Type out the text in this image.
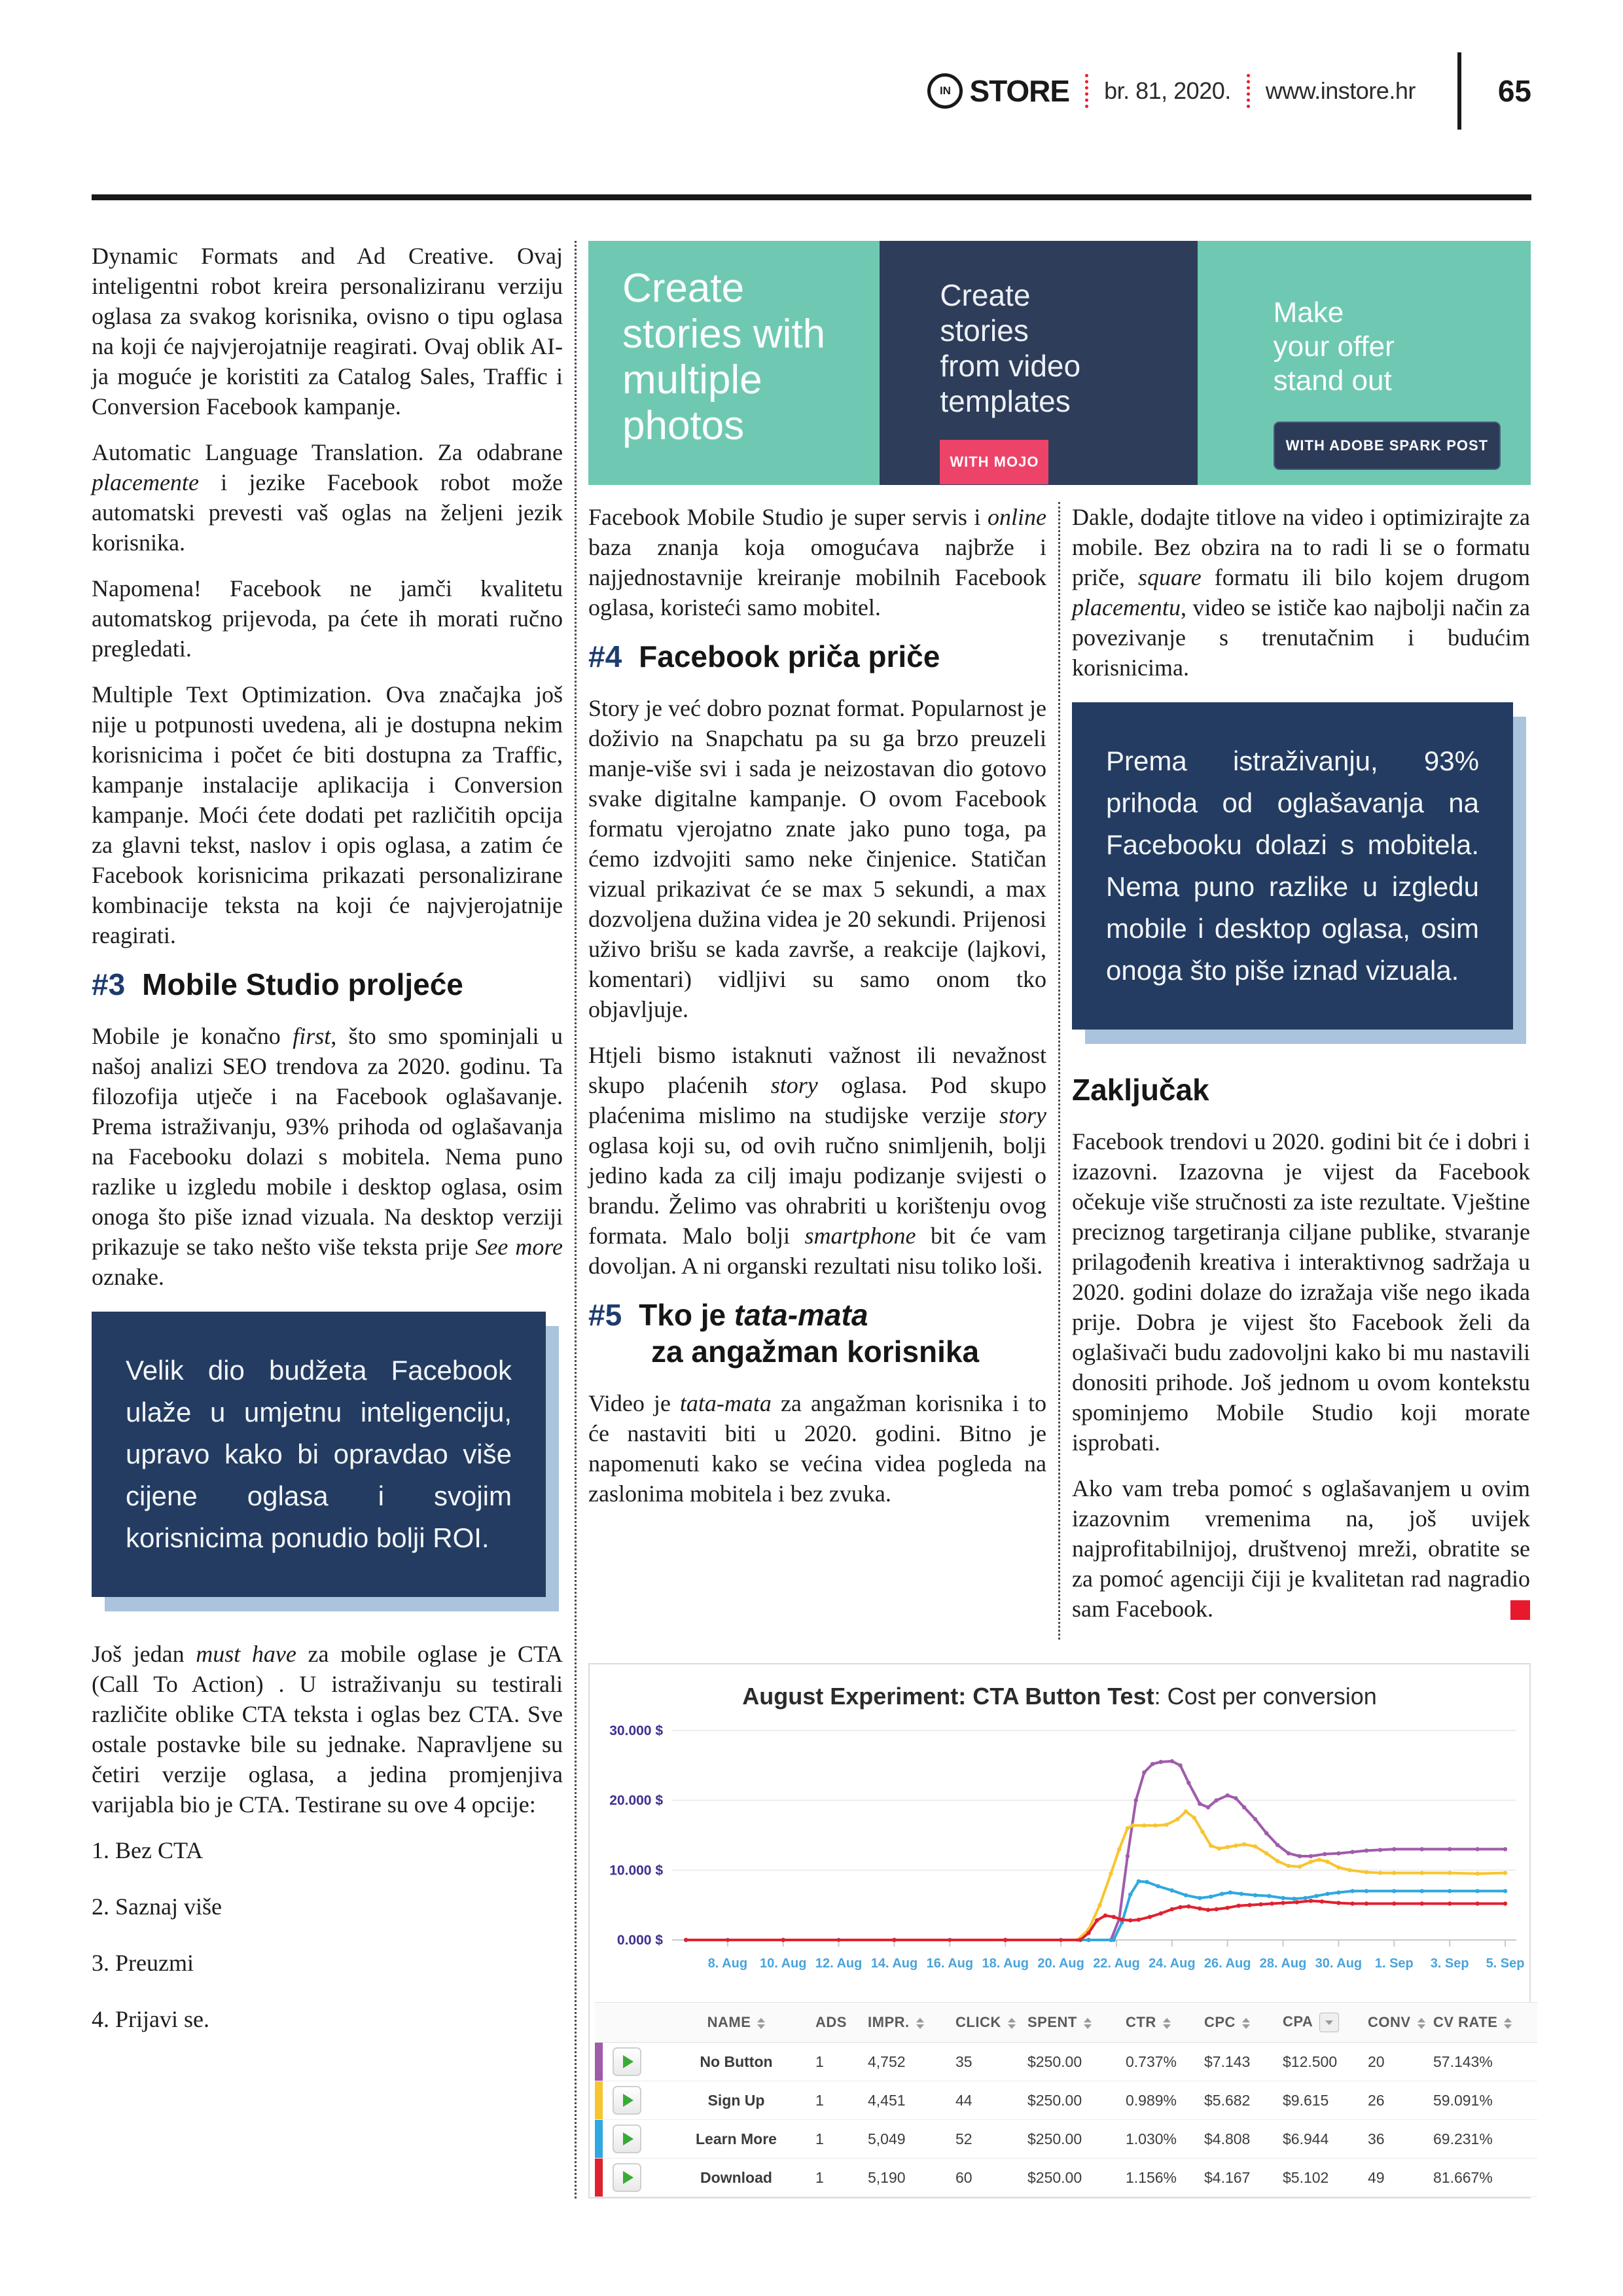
IN STORE br. 81, 2020. www.instore.hr	65

Dynamic Formats and Ad Creative. Ovaj inteligentni robot kreira personaliziranu verziju oglasa za svakog korisnika, ovisno o tipu oglasa na koji će najvjerojatnije reagirati. Ovaj oblik AI-ja moguće je koristiti za Catalog Sales, Traffic i Conversion Facebook kampanje.

Automatic Language Translation. Za odabrane placemente i jezike Facebook robot može automatski prevesti vaš oglas na željeni jezik korisnika.

Napomena! Facebook ne jamči kvalitetu automatskog prijevoda, pa ćete ih morati ručno pregledati.

Multiple Text Optimization. Ova značajka još nije u potpunosti uvedena, ali je dostupna nekim korisnicima i počet će biti dostupna za Traffic, kampanje instalacije aplikacija i Conversion kampanje. Moći ćete dodati pet različitih opcija za glavni tekst, naslov i opis oglasa, a zatim će Facebook korisnicima prikazati personalizirane kombinacije teksta na koji će najvjerojatnije reagirati.

#3 Mobile Studio proljeće

Mobile je konačno first, što smo spominjali u našoj analizi SEO trendova za 2020. godinu. Ta filozofija utječe i na Facebook oglašavanje. Prema istraživanju, 93% prihoda od oglašavanja na Facebooku dolazi s mobitela. Nema puno razlike u izgledu mobile i desktop oglasa, osim onoga što piše iznad vizuala. Na desktop verziji prikazuje se tako nešto više teksta prije See more oznake.

Velik dio budžeta Facebook ulaže u umjetnu inteligenciju, upravo kako bi opravdao više cijene oglasa i svojim korisnicima ponudio bolji ROI.

Još jedan must have za mobile oglase je CTA (Call To Action) . U istraživanju su testirali različite oblike CTA teksta i oglas bez CTA. Sve ostale postavke bile su jednake. Napravljene su četiri verzije oglasa, a jedina promjenjiva varijabla bio je CTA. Testirane su ove 4 opcije:

1. Bez CTA
2. Saznaj više
3. Preuzmi
4. Prijavi se.
Create
stories with
multiple
photos
Create
stories
from video
templates
WITH MOJO
Make
your offer
stand out
WITH ADOBE SPARK POST

Facebook Mobile Studio je super servis i online baza znanja koja omogućava najbrže i najjednostavnije kreiranje mobilnih Facebook oglasa, koristeći samo mobitel.

#4 Facebook priča priče

Story je već dobro poznat format. Popularnost je doživio na Snapchatu pa su ga brzo preuzeli manje-više svi i sada je neizostavan dio gotovo svake digitalne kampanje. O ovom Facebook formatu vjerojatno znate jako puno toga, pa ćemo izdvojiti samo neke činjenice. Statičan vizual prikazivat će se max 5 sekundi, a max dozvoljena dužina videa je 20 sekundi. Prijenosi uživo brišu se kada završe, a reakcije (lajkovi, komentari) vidljivi su samo onom tko objavljuje.

Htjeli bismo istaknuti važnost ili nevažnost skupo plaćenih story oglasa. Pod skupo plaćenima mislimo na studijske verzije story oglasa koji su, od ovih ručno snimljenih, bolji jedino kada za cilj imaju podizanje svijesti o brandu. Želimo vas ohrabriti u korištenju ovog formata. Malo bolji smartphone bit će vam dovoljan. A ni organski rezultati nisu toliko loši.

#5 Tko je tata-mata
za angažman korisnika

Video je tata-mata za angažman korisnika i to će nastaviti biti u 2020. godini. Bitno je napomenuti kako se većina videa pogleda na zaslonima mobitela i bez zvuka.

Dakle, dodajte titlove na video i optimizirajte za mobile. Bez obzira na to radi li se o formatu priče, square formatu ili bilo kojem drugom placementu, video se ističe kao najbolji način za povezivanje s trenutačnim i budućim korisnicima.

Prema istraživanju, 93% prihoda od oglašavanja na Facebooku dolazi s mobitela. Nema puno razlike u izgledu mobile i desktop oglasa, osim onoga što piše iznad vizuala.
Zaključak

Facebook trendovi u 2020. godini bit će i dobri i izazovni. Izazovna je vijest da Facebook očekuje više stručnosti za iste rezultate. Vještine preciznog targetiranja ciljane publike, stvaranje prilagođenih kreativa i interaktivnog sadržaja u 2020. godini dolaze do izražaja više nego ikada prije. Dobra je vijest što Facebook želi da oglašivači budu zadovoljni kako bi mu nastavili donositi prihode. Još jednom u ovom kontekstu spominjemo Mobile Studio koji morate isprobati.

Ako vam treba pomoć s oglašavanjem u ovim izazovnim vremenima na, još uvijek najprofitabilnijoj, društvenoj mreži, obratite se za pomoć agenciji čiji je kvalitetan rad nagradio sam Facebook.

August Experiment: CTA Button Test: Cost per conversion
0.000 $
10.000 $
20.000 $
30.000 $
8. Aug 10. Aug 12. Aug 14. Aug 16. Aug 18. Aug 20. Aug 22. Aug 24. Aug 26. Aug 28. Aug 30. Aug 1. Sep 3. Sep 5. Sep
		NAME	ADS	IMPR.	CLICK	SPENT	CTR	CPC	CPA	CONV	CV RATE

	No Button	1	4,752	35	$250.00	0.737%	$7.143	$12.500	20	57.143%

	Sign Up	1	4,451	44	$250.00	0.989%	$5.682	$9.615	26	59.091%

	Learn More	1	5,049	52	$250.00	1.030%	$4.808	$6.944	36	69.231%

	Download	1	5,190	60	$250.00	1.156%	$4.167	$5.102	49	81.667%
